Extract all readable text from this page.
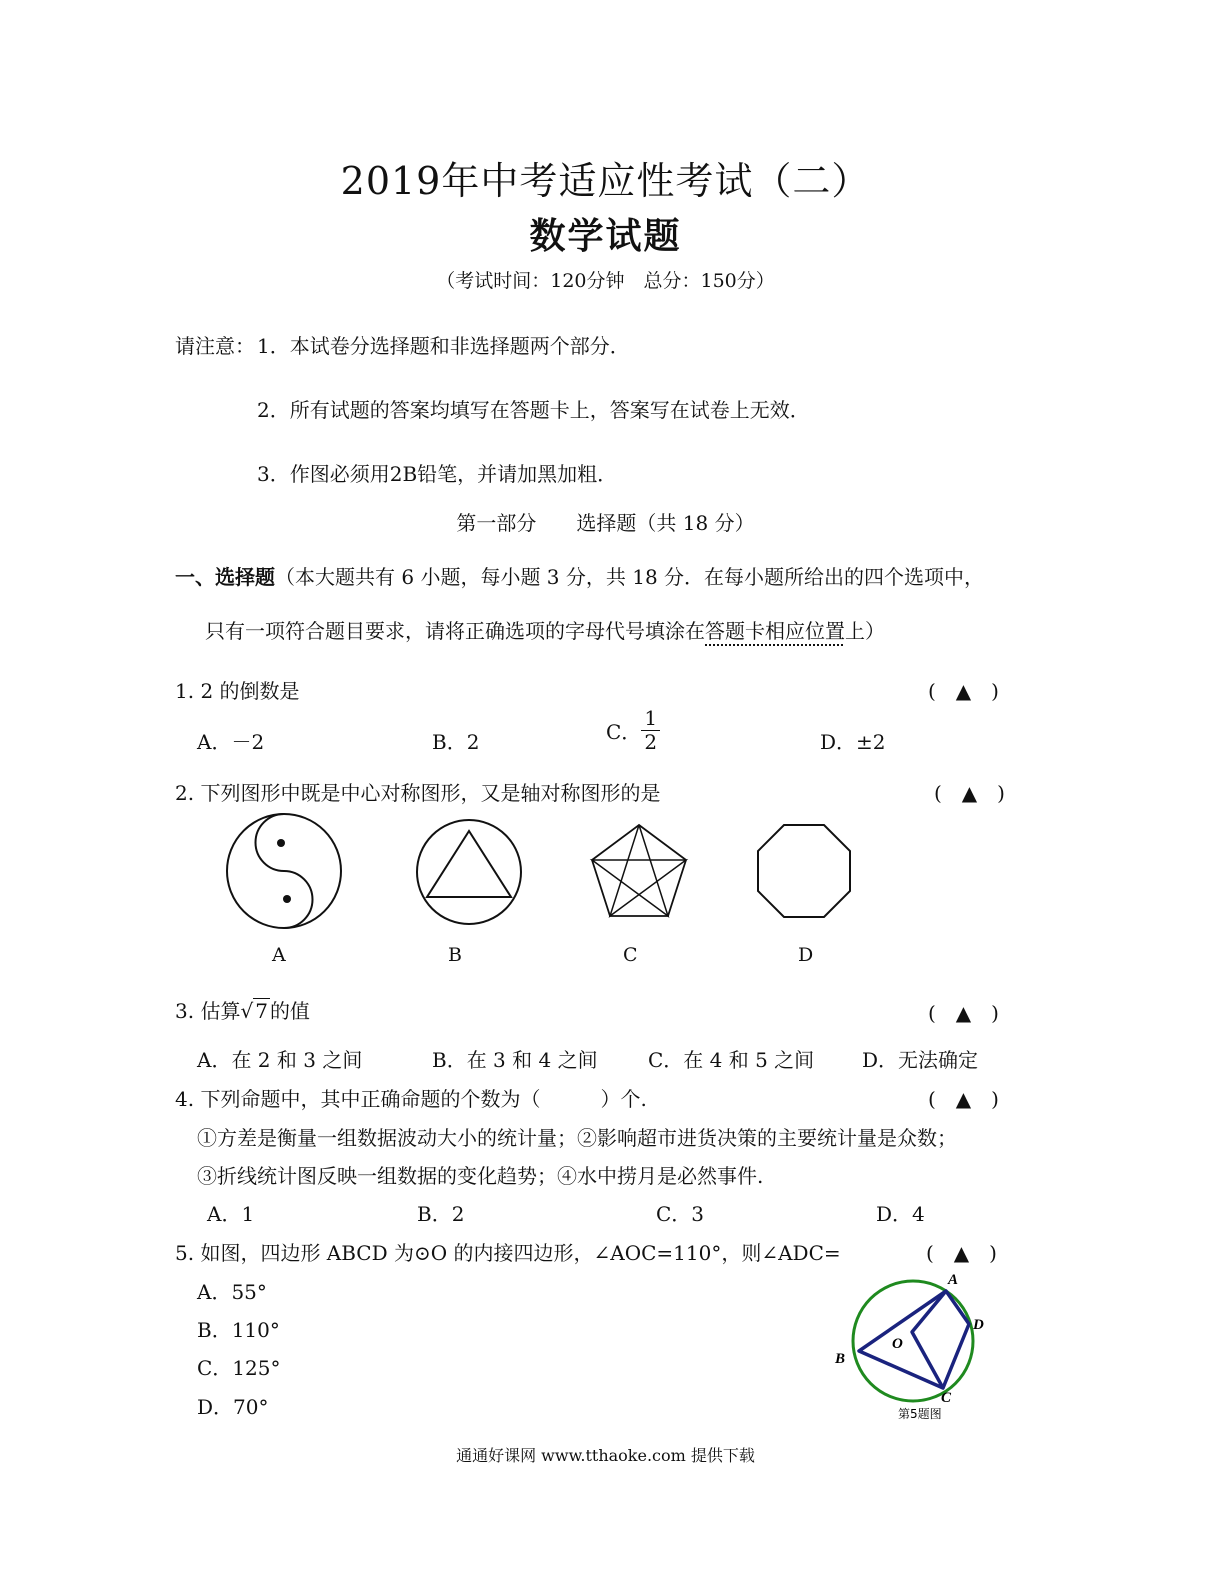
2019年中考适应性考试（二）
数学试题
（考试时间：120分钟　总分：150分）
请注意： 1．本试卷分选择题和非选择题两个部分．
2．所有试题的答案均填写在答题卡上，答案写在试卷上无效．
3．作图必须用2B铅笔，并请加黑加粗．
第一部分　　选择题（共 18 分）
一、选择题（本大题共有 6 小题，每小题 3 分，共 18 分．在每小题所给出的四个选项中，
只有一项符合题目要求，请将正确选项的字母代号填涂在答题卡相应位置上）
1. 2 的倒数是	(　▲　)
A．－2	B．2	C． $\frac{1}{2}$	D．±2
2. 下列图形中既是中心对称图形，又是轴对称图形的是	(　▲　)
A	B	C	D
3. 估算√ 7 的值	(　▲　)
A．在 2 和 3 之间	B．在 3 和 4 之间	C．在 4 和 5 之间 D．无法确定
4. 下列命题中，其中正确命题的个数为（　　　）个.	(　▲　)
①方差是衡量一组数据波动大小的统计量；②影响超市进货决策的主要统计量是众数；
③折线统计图反映一组数据的变化趋势；④水中捞月是必然事件.
A．1	B．2	C．3	D．4
5. 如图，四边形 ABCD 为⊙O 的内接四边形，∠AOC=110°，则∠ADC=	(　▲　)
A．55°
B．110°
C．125°
D．70°
A
B
C
D
O
第5题图
通通好课网 www.tthaoke.com 提供下载
